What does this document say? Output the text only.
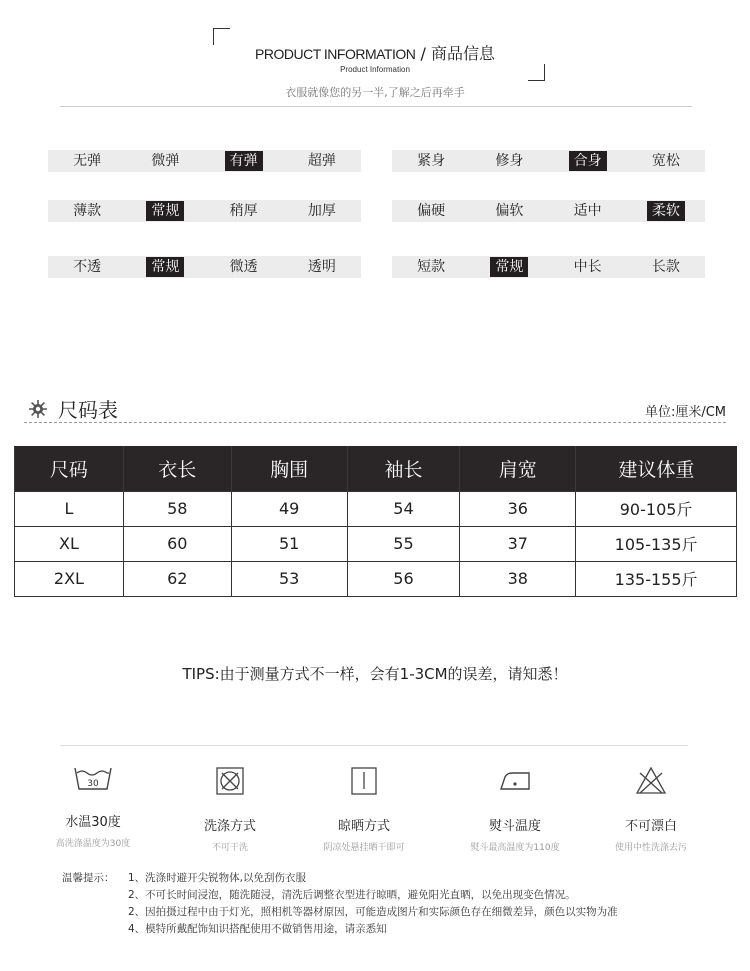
PRODUCT INFORMATION / 商品信息
Product Information
衣服就像您的另一半,了解之后再牵手
无弹	微弹	有弹	超弹
薄款	常规	稍厚	加厚
不透	常规	微透	透明
紧身	修身	合身	宽松
偏硬	偏软	适中	柔软
短款	常规	中长	长款
尺码表	单位:厘米/CM
尺码	衣长	胸围	袖长	肩宽	建议体重
L	58	49	54	36	90-105斤
XL	60	51	55	37	105-135斤
2XL	62	53	56	38	135-155斤
TIPS:由于测量方式不一样，会有1-3CM的误差，请知悉！
30
水温30度
高洗涤温度为30度
洗涤方式
不可干洗
晾晒方式
阴凉处悬挂晒干即可
熨斗温度
熨斗最高温度为110度
不可漂白
使用中性洗涤去污
温馨提示：	1、洗涤时避开尖锐物体,以免刮伤衣服
2、不可长时间浸泡，随洗随浸，清洗后调整衣型进行晾晒，避免阳光直晒，以免出现变色情况。
2、因拍摄过程中由于灯光，照相机等器材原因，可能造成图片和实际颜色存在细微差异，颜色以实物为准
4、模特所戴配饰知识搭配使用不做销售用途，请亲悉知
